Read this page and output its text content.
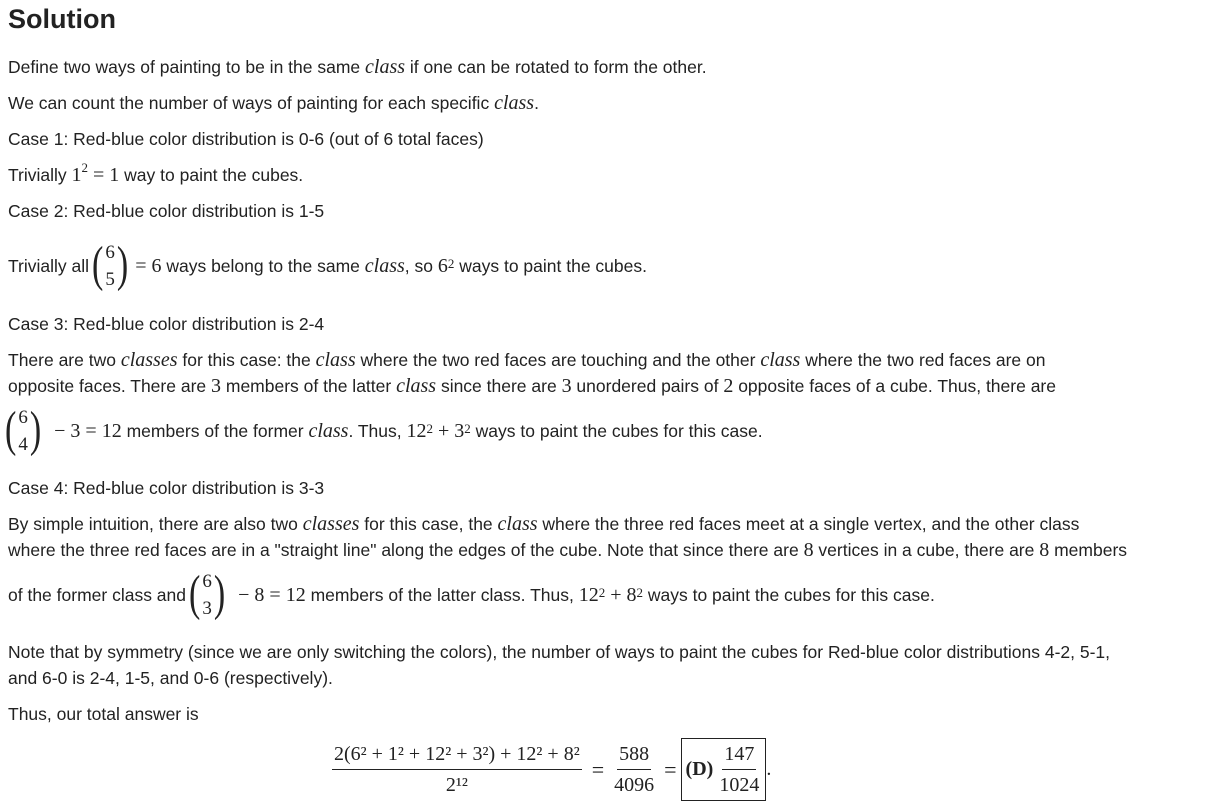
Solution
Define two ways of painting to be in the same class if one can be rotated to form the other.
We can count the number of ways of painting for each specific class.
Case 1: Red-blue color distribution is 0-6 (out of 6 total faces)
Trivially $1^2 = 1$ way to paint the cubes.
Case 2: Red-blue color distribution is 1-5
Trivially all ( 6
5 ) = 6 ways belong to the same class , so $6^2$ ways to paint the cubes.
Case 3: Red-blue color distribution is 2-4
There are two classes for this case: the class where the two red faces are touching and the other class where the two red faces are on
opposite faces. There are 3 members of the latter class since there are 3 unordered pairs of 2 opposite faces of a cube. Thus, there are
( 6
4 ) − 3 = 12 members of the former class . Thus, $12^2 + 3^2$ ways to paint the cubes for this case.
Case 4: Red-blue color distribution is 3-3
By simple intuition, there are also two classes for this case, the class where the three red faces meet at a single vertex, and the other class
where the three red faces are in a "straight line" along the edges of the cube. Note that since there are 8 vertices in a cube, there are 8 members
of the former class and ( 6
3 ) − 8 = 12 members of the latter class. Thus, $12^2 + 8^2$ ways to paint the cubes for this case.
Note that by symmetry (since we are only switching the colors), the number of ways to paint the cubes for Red-blue color distributions 4-2, 5-1,
and 6-0 is 2-4, 1-5, and 0-6 (respectively).
Thus, our total answer is
$\frac{\text{2(6² + 1² + 12² + 3²) + 12² + 8²}}{\text{2¹²}} = \frac{588}{4096} = (D) \frac{147}{1024}$ .
